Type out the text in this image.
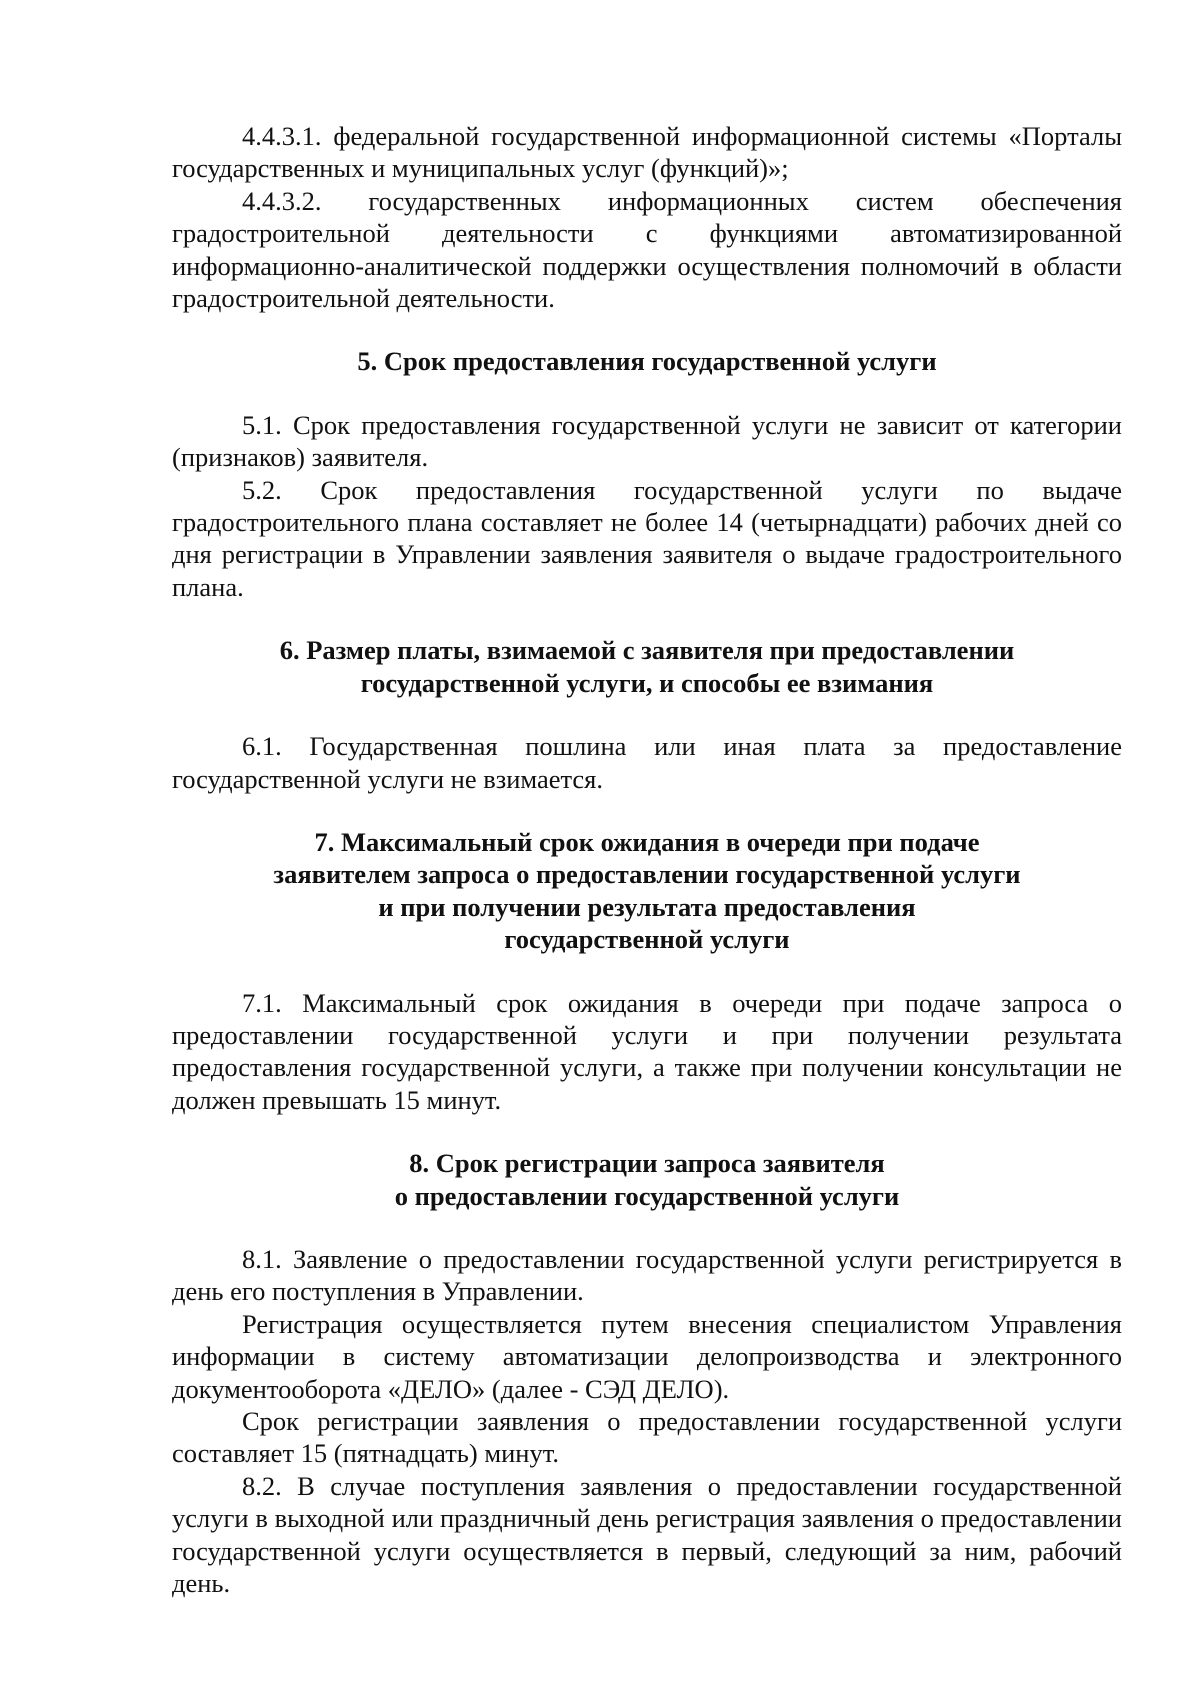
4.4.3.1. федеральной государственной информационной системы «Порталы государственных и муниципальных услуг (функций)»;

4.4.3.2. государственных информационных систем обеспечения градостроительной деятельности с функциями автоматизированной информационно-аналитической поддержки осуществления полномочий в области градостроительной деятельности.

5. Срок предоставления государственной услуги

5.1. Срок предоставления государственной услуги не зависит от категории (признаков) заявителя.

5.2. Срок предоставления государственной услуги по выдаче градостроительного плана составляет не более 14 (четырнадцати) рабочих дней со дня регистрации в Управлении заявления заявителя о выдаче градостроительного плана.

6. Размер платы, взимаемой с заявителя при предоставлении
государственной услуги, и способы ее взимания

6.1. Государственная пошлина или иная плата за предоставление государственной услуги не взимается.

7. Максимальный срок ожидания в очереди при подаче
заявителем запроса о предоставлении государственной услуги
и при получении результата предоставления
государственной услуги

7.1. Максимальный срок ожидания в очереди при подаче запроса о предоставлении государственной услуги и при получении результата предоставления государственной услуги, а также при получении консультации не должен превышать 15 минут.

8. Срок регистрации запроса заявителя
о предоставлении государственной услуги

8.1. Заявление о предоставлении государственной услуги регистрируется в день его поступления в Управлении.

Регистрация осуществляется путем внесения специалистом Управления информации в систему автоматизации делопроизводства и электронного документооборота «ДЕЛО» (далее - СЭД ДЕЛО).

Срок регистрации заявления о предоставлении государственной услуги составляет 15 (пятнадцать) минут.

8.2. В случае поступления заявления о предоставлении государственной услуги в выходной или праздничный день регистрация заявления о предоставлении государственной услуги осуществляется в первый, следующий за ним, рабочий день.
